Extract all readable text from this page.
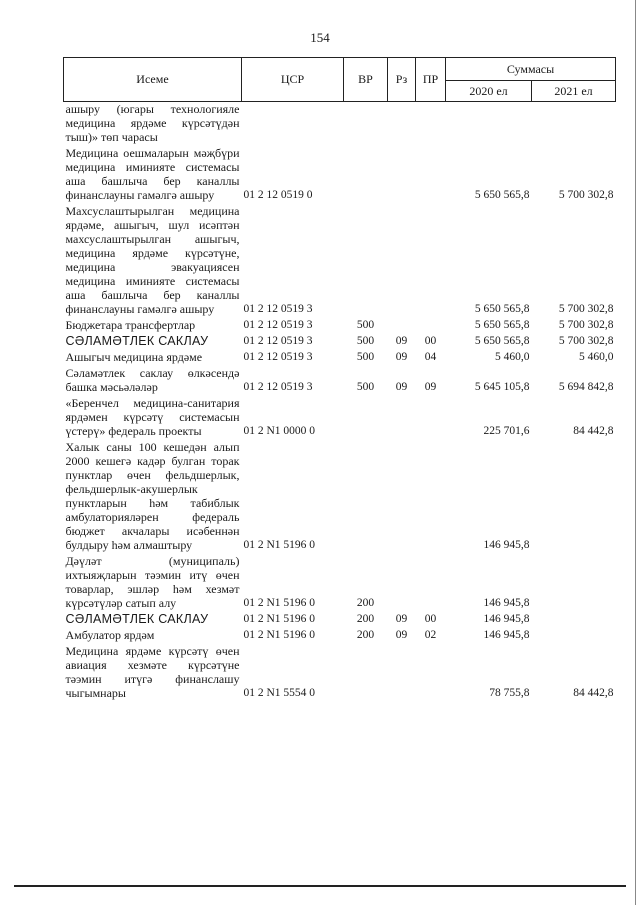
154
Исеме	ЦСР	ВР	Рз	ПР	Суммасы	
					2020 ел	2021 ел

ашыру (югары технологияле медицина ярдәме күрсәтүдән тыш)» төп чарасы						

Медицина оешмаларын мәҗбүри медицина иминияте системасы аша башлыча бер каналлы финанслауны гамәлгә ашыру	01 2 12 0519 0				5 650 565,8	5 700 302,8

Махсуслаштырылган медицина ярдәме, ашыгыч, шул исәптән махсуслаштырылган ашыгыч, медицина ярдәме күрсәтүне, медицина эвакуациясен медицина иминияте системасы аша башлыча бер каналлы финанслауны гамәлгә ашыру	01 2 12 0519 3				5 650 565,8	5 700 302,8

Бюджетара трансфертлар	01 2 12 0519 3	500			5 650 565,8	5 700 302,8

СӘЛАМӘТЛЕК САКЛАУ	01 2 12 0519 3	500	09	00	5 650 565,8	5 700 302,8

Ашыгыч медицина ярдәме	01 2 12 0519 3	500	09	04	5 460,0	5 460,0

Сәламәтлек саклау өлкәсендә башка мәсьәләләр	01 2 12 0519 3	500	09	09	5 645 105,8	5 694 842,8

«Беренчел медицина-санитария ярдәмен күрсәтү системасын үстерү» федераль проекты	01 2 N1 0000 0				225 701,6	84 442,8

Халык саны 100 кешедән алып 2000 кешегә кадәр булган торак пунктлар өчен фельдшерлык, фельдшерлык-акушерлык пунктларын һәм табиблык амбулаторияләрен федераль бюджет акчалары исәбеннән булдыру һәм алмаштыру	01 2 N1 5196 0				146 945,8	

Дәүләт (муниципаль) ихтыяҗларын тәэмин итү өчен товарлар, эшләр һәм хезмәт күрсәтүләр сатып алу	01 2 N1 5196 0	200			146 945,8	

СӘЛАМӘТЛЕК САКЛАУ	01 2 N1 5196 0	200	09	00	146 945,8	

Амбулатор ярдәм	01 2 N1 5196 0	200	09	02	146 945,8	

Медицина ярдәме күрсәтү өчен авиация хезмәте күрсәтүне тәэмин итүгә финанслашу чыгымнары	01 2 N1 5554 0				78 755,8	84 442,8
